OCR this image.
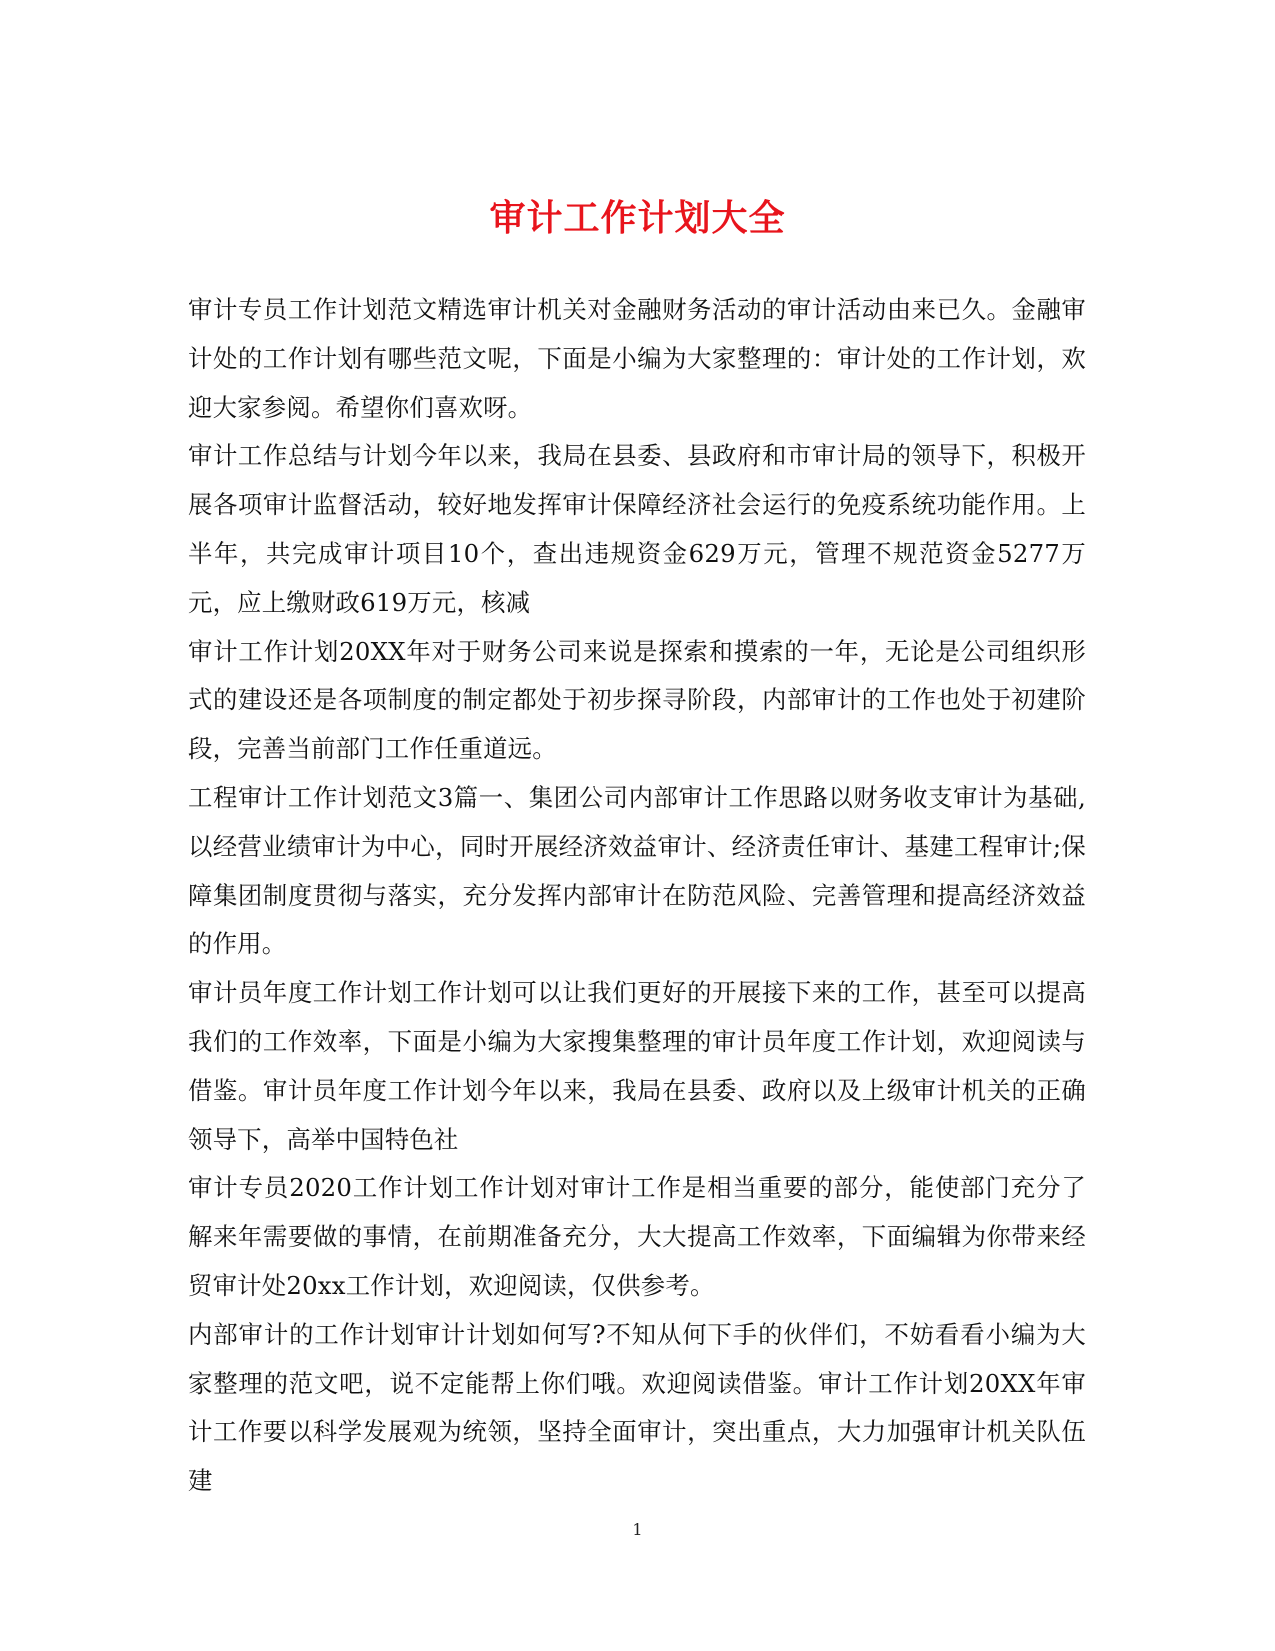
审计工作计划大全

审计专员工作计划范文精选审计机关对金融财务活动的审计活动由来已久。金融审计处的工作计划有哪些范文呢，下面是小编为大家整理的：审计处的工作计划，欢迎大家参阅。希望你们喜欢呀。

审计工作总结与计划今年以来，我局在县委、县政府和市审计局的领导下，积极开展各项审计监督活动，较好地发挥审计保障经济社会运行的免疫系统功能作用。上半年，共完成审计项目10个，查出违规资金629万元，管理不规范资金5277万元，应上缴财政619万元，核减

审计工作计划20XX年对于财务公司来说是探索和摸索的一年，无论是公司组织形式的建设还是各项制度的制定都处于初步探寻阶段，内部审计的工作也处于初建阶段，完善当前部门工作任重道远。

工程审计工作计划范文3篇一、集团公司内部审计工作思路以财务收支审计为基础,以经营业绩审计为中心，同时开展经济效益审计、经济责任审计、基建工程审计;保障集团制度贯彻与落实，充分发挥内部审计在防范风险、完善管理和提高经济效益的作用。

审计员年度工作计划工作计划可以让我们更好的开展接下来的工作，甚至可以提高我们的工作效率，下面是小编为大家搜集整理的审计员年度工作计划，欢迎阅读与借鉴。审计员年度工作计划今年以来，我局在县委、政府以及上级审计机关的正确领导下，高举中国特色社

审计专员2020工作计划工作计划对审计工作是相当重要的部分，能使部门充分了解来年需要做的事情，在前期准备充分，大大提高工作效率，下面编辑为你带来经贸审计处20xx工作计划，欢迎阅读，仅供参考。

内部审计的工作计划审计计划如何写?不知从何下手的伙伴们，不妨看看小编为大家整理的范文吧，说不定能帮上你们哦。欢迎阅读借鉴。审计工作计划20XX年审计工作要以科学发展观为统领，坚持全面审计，突出重点，大力加强审计机关队伍建

1
